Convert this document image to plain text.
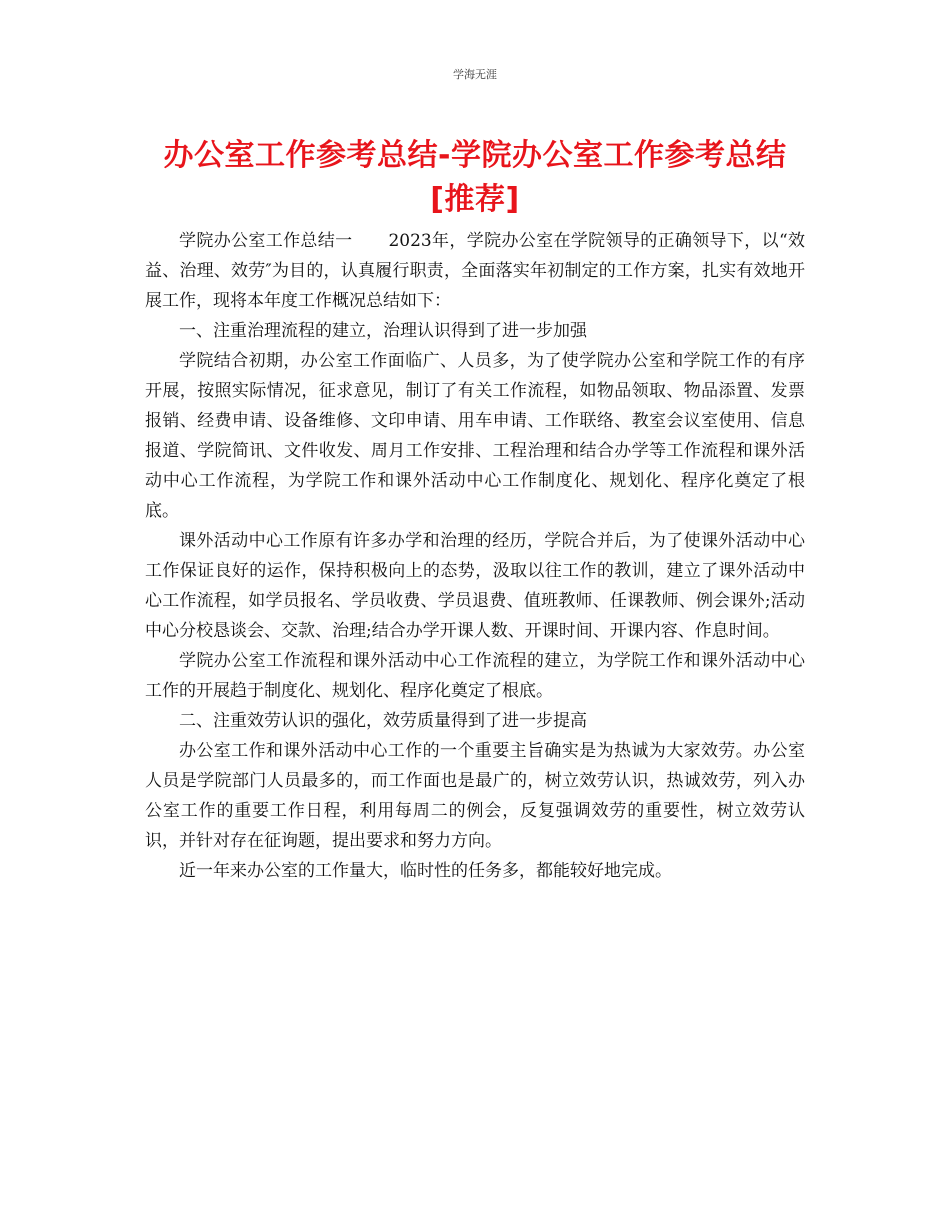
学海无涯
办公室工作参考总结-学院办公室工作参考总结
[推荐]

学院办公室工作总结一 2023年，学院办公室在学院领导的正确领导下，以“效益、治理、效劳″为目的，认真履行职责，全面落实年初制定的工作方案，扎实有效地开展工作，现将本年度工作概况总结如下：

一、注重治理流程的建立，治理认识得到了进一步加强

学院结合初期，办公室工作面临广、人员多，为了使学院办公室和学院工作的有序开展，按照实际情况，征求意见，制订了有关工作流程，如物品领取、物品添置、发票报销、经费申请、设备维修、文印申请、用车申请、工作联络、教室会议室使用、信息报道、学院简讯、文件收发、周月工作安排、工程治理和结合办学等工作流程和课外活动中心工作流程，为学院工作和课外活动中心工作制度化、规划化、程序化奠定了根底。

课外活动中心工作原有许多办学和治理的经历，学院合并后，为了使课外活动中心工作保证良好的运作，保持积极向上的态势，汲取以往工作的教训，建立了课外活动中心工作流程，如学员报名、学员收费、学员退费、值班教师、任课教师、例会课外;活动中心分校恳谈会、交款、治理;结合办学开课人数、开课时间、开课内容、作息时间。

学院办公室工作流程和课外活动中心工作流程的建立，为学院工作和课外活动中心工作的开展趋于制度化、规划化、程序化奠定了根底。

二、注重效劳认识的强化，效劳质量得到了进一步提高

办公室工作和课外活动中心工作的一个重要主旨确实是为热诚为大家效劳。办公室人员是学院部门人员最多的，而工作面也是最广的，树立效劳认识，热诚效劳，列入办公室工作的重要工作日程，利用每周二的例会，反复强调效劳的重要性，树立效劳认识，并针对存在征询题，提出要求和努力方向。

近一年来办公室的工作量大，临时性的任务多，都能较好地完成。
